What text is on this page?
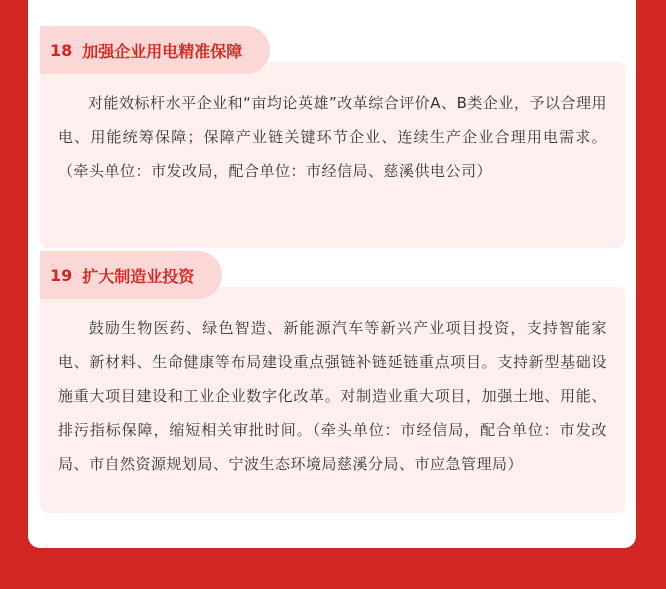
18 加强企业用电精准保障

对能效标杆水平企业和“亩均论英雄”改革综合评价A、B类企业，予以合理用电、用能统筹保障；保障产业链关键环节企业、连续生产企业合理用电需求。（牵头单位：市发改局，配合单位：市经信局、慈溪供电公司）

19 扩大制造业投资

鼓励生物医药、绿色智造、新能源汽车等新兴产业项目投资，支持智能家电、新材料、生命健康等布局建设重点强链补链延链重点项目。支持新型基础设施重大项目建设和工业企业数字化改革。对制造业重大项目，加强土地、用能、排污指标保障，缩短相关审批时间。（牵头单位：市经信局，配合单位：市发改局、市自然资源规划局、宁波生态环境局慈溪分局、市应急管理局）
